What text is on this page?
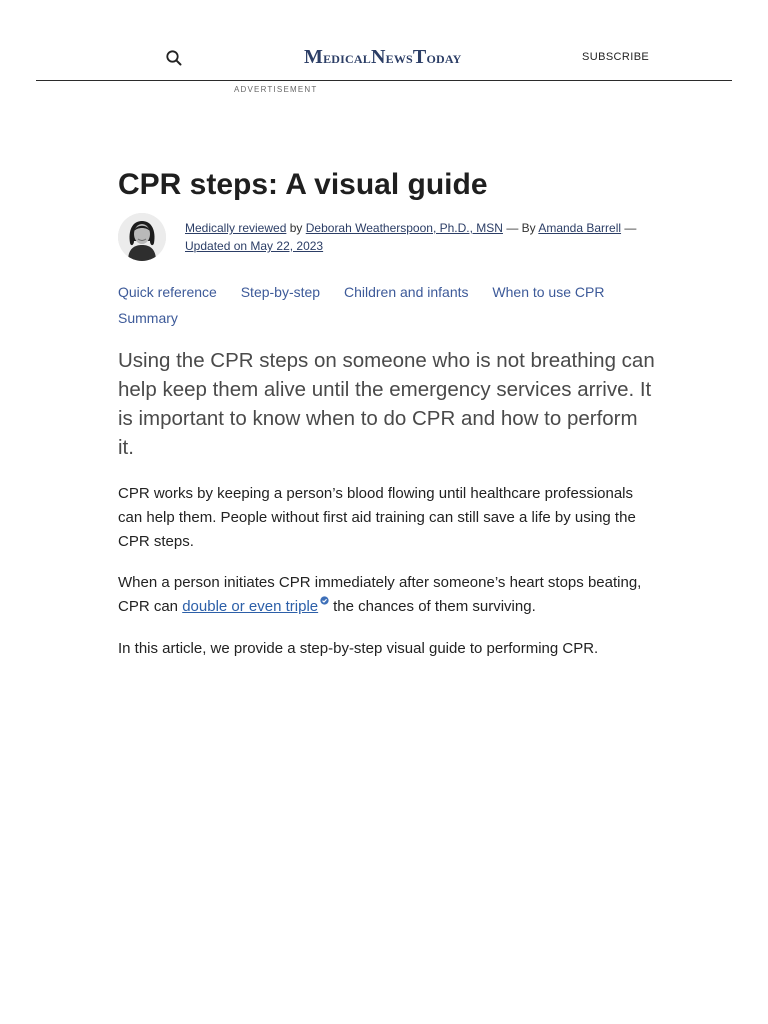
MedicalNewsToday	SUBSCRIBE
ADVERTISEMENT
CPR steps: A visual guide
Medically reviewed by Deborah Weatherspoon, Ph.D., MSN — By Amanda Barrell — Updated on May 22, 2023
Quick reference Step-by-step Children and infants When to use CPR Summary

Using the CPR steps on someone who is not breathing can help keep them alive until the emergency services arrive. It is important to know when to do CPR and how to perform it.

CPR works by keeping a person’s blood flowing until healthcare professionals can help them. People without first aid training can still save a life by using the CPR steps.

When a person initiates CPR immediately after someone’s heart stops beating, CPR can double or even triple the chances of them surviving.

In this article, we provide a step-by-step visual guide to performing CPR.
